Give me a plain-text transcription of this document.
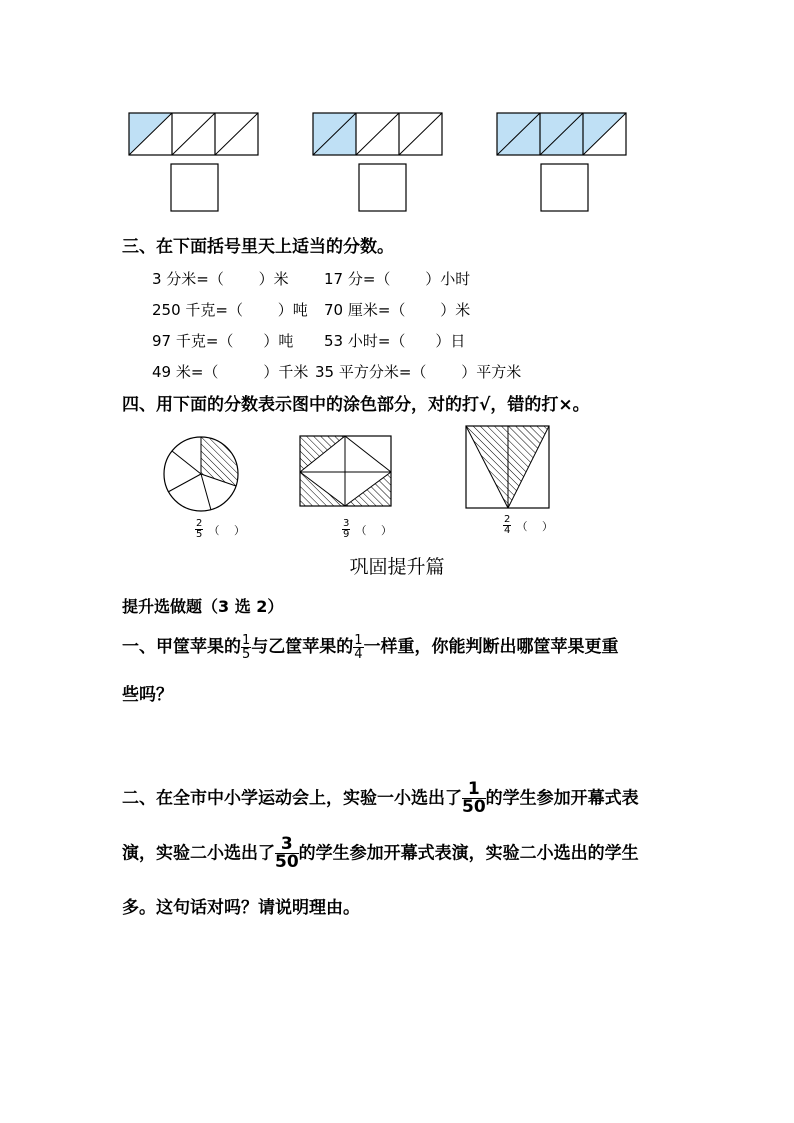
三、在下面括号里天上适当的分数。
3 分米=（　　 ）米 17 分=（　　 ）小时
250 千克=（　　 ）吨 70 厘米=（　　 ）米
97 千克=（　　）吨 53 小时=（　　）日
49 米=（　　　）千米 35 平方分米=（　　 ）平方米
四、用下面的分数表示图中的涂色部分，对的打√，错的打×。
$\frac{2}{5}$ （　 ）	$\frac{3}{9}$ （　 ）	$\frac{2}{4}$ （　 ）
巩固提升篇
提升选做题（3 选 2）
一、甲筐苹果的 $\frac{1}{5}$ 与乙筐苹果的 $\frac{1}{4}$ 一样重，你能判断出哪筐苹果更重
些吗？
二、在全市中小学运动会上，实验一小选出了 $\frac{1}{50}$ 的学生参加开幕式表
演，实验二小选出了 $\frac{3}{50}$ 的学生参加开幕式表演，实验二小选出的学生
多。这句话对吗？请说明理由。
